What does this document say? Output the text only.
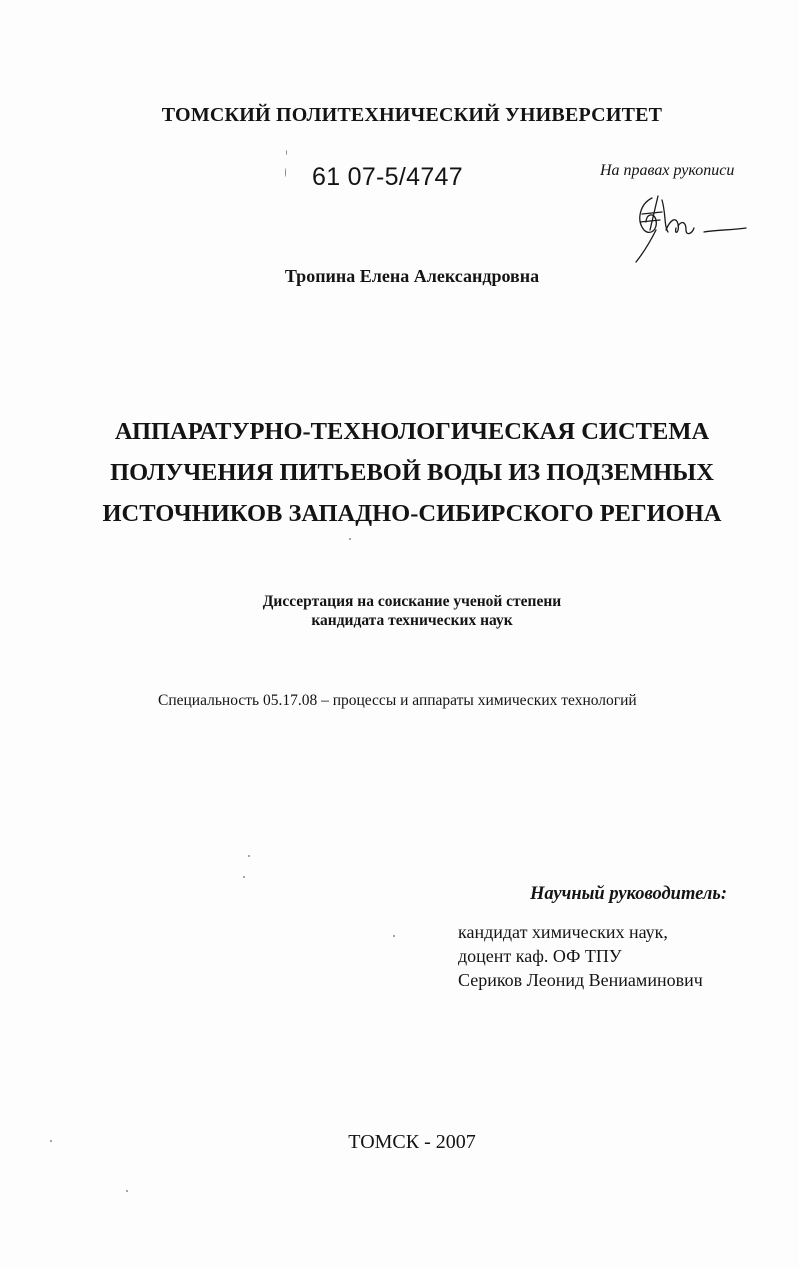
ТОМСКИЙ ПОЛИТЕХНИЧЕСКИЙ УНИВЕРСИТЕТ
61 07-5/4747	На правах рукописи
Тропина Елена Александровна
АППАРАТУРНО-ТЕХНОЛОГИЧЕСКАЯ СИСТЕМА
ПОЛУЧЕНИЯ ПИТЬЕВОЙ ВОДЫ ИЗ ПОДЗЕМНЫХ
ИСТОЧНИКОВ ЗАПАДНО-СИБИРСКОГО РЕГИОНА
Диссертация на соискание ученой степени
кандидата технических наук
Специальность 05.17.08 – процессы и аппараты химических технологий
Научный руководитель:
кандидат химических наук,
доцент каф. ОФ ТПУ
Сериков Леонид Вениаминович
ТОМСК - 2007
